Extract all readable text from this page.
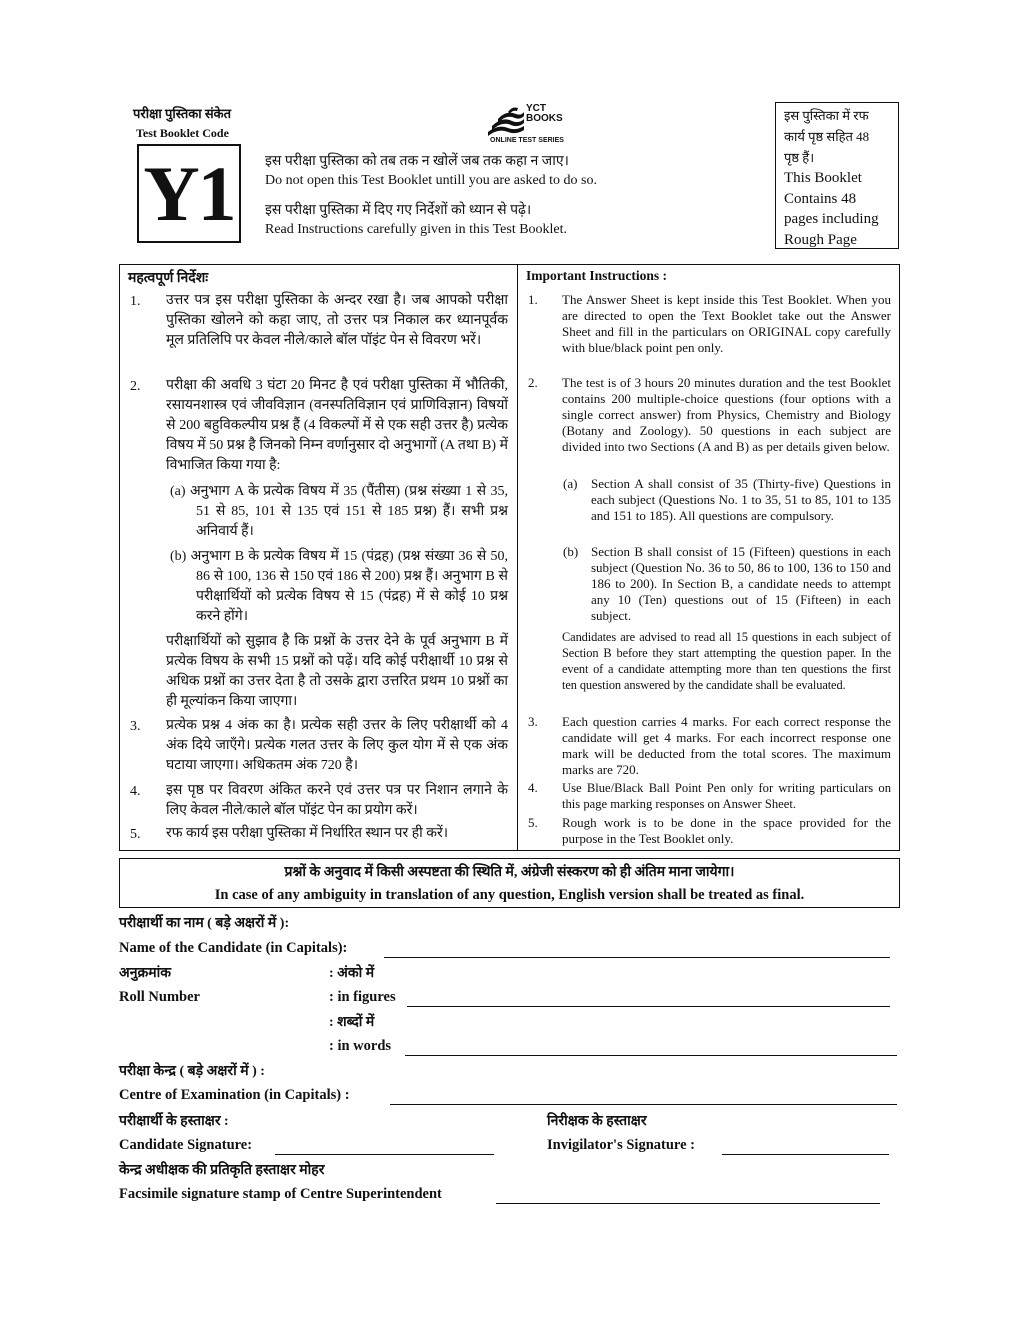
परीक्षा पुस्तिका संकेत
Test Booklet Code
Y1
YCT
BOOKS
ONLINE TEST SERIES
इस परीक्षा पुस्तिका को तब तक न खोलें जब तक कहा न जाए।
Do not open this Test Booklet untill you are asked to do so.
इस परीक्षा पुस्तिका में दिए गए निर्देशों को ध्यान से पढ़े।
Read Instructions carefully given in this Test Booklet.
इस पुस्तिका में रफ
कार्य पृष्ठ सहित 48
पृष्ठ हैं।
This Booklet
Contains 48
pages including
Rough Page
महत्वपूर्ण निर्देशः	Important Instructions :
1. उत्तर पत्र इस परीक्षा पुस्तिका के अन्दर रखा है। जब आपको परीक्षा पुस्तिका खोलने को कहा जाए, तो उत्तर पत्र निकाल कर ध्यानपूर्वक मूल प्रतिलिपि पर केवल नीले/काले बॉल पॉइंट पेन से विवरण भरें।
2. परीक्षा की अवधि 3 घंटा 20 मिनट है एवं परीक्षा पुस्तिका में भौतिकी, रसायनशास्त्र एवं जीवविज्ञान (वनस्पतिविज्ञान एवं प्राणिविज्ञान) विषयों से 200 बहुविकल्पीय प्रश्न हैं (4 विकल्पों में से एक सही उत्तर है) प्रत्येक विषय में 50 प्रश्न है जिनको निम्न वर्णानुसार दो अनुभागों (A तथा B) में विभाजित किया गया है:
(a) अनुभाग A के प्रत्येक विषय में 35 (पैंतीस) (प्रश्न संख्या 1 से 35, 51 से 85, 101 से 135 एवं 151 से 185 प्रश्न) हैं। सभी प्रश्न अनिवार्य हैं।
(b) अनुभाग B के प्रत्येक विषय में 15 (पंद्रह) (प्रश्न संख्या 36 से 50, 86 से 100, 136 से 150 एवं 186 से 200) प्रश्न हैं। अनुभाग B से परीक्षार्थियों को प्रत्येक विषय से 15 (पंद्रह) में से कोई 10 प्रश्न करने होंगे।
परीक्षार्थियों को सुझाव है कि प्रश्नों के उत्तर देने के पूर्व अनुभाग B में प्रत्येक विषय के सभी 15 प्रश्नों को पढ़ें। यदि कोई परीक्षार्थी 10 प्रश्न से अधिक प्रश्नों का उत्तर देता है तो उसके द्वारा उत्तरित प्रथम 10 प्रश्नों का ही मूल्यांकन किया जाएगा।
3. प्रत्येक प्रश्न 4 अंक का है। प्रत्येक सही उत्तर के लिए परीक्षार्थी को 4 अंक दिये जाएँगे। प्रत्येक गलत उत्तर के लिए कुल योग में से एक अंक घटाया जाएगा। अधिकतम अंक 720 है।
4. इस पृष्ठ पर विवरण अंकित करने एवं उत्तर पत्र पर निशान लगाने के लिए केवल नीले/काले बॉल पॉइंट पेन का प्रयोग करें।
5. रफ कार्य इस परीक्षा पुस्तिका में निर्धारित स्थान पर ही करें।
1. The Answer Sheet is kept inside this Test Booklet. When you are directed to open the Text Booklet take out the Answer Sheet and fill in the particulars on ORIGINAL copy carefully with blue/black point pen only.
2. The test is of 3 hours 20 minutes duration and the test Booklet contains 200 multiple-choice questions (four options with a single correct answer) from Physics, Chemistry and Biology (Botany and Zoology). 50 questions in each subject are divided into two Sections (A and B) as per details given below.
(a) Section A shall consist of 35 (Thirty-five) Questions in each subject (Questions No. 1 to 35, 51 to 85, 101 to 135 and 151 to 185). All questions are compulsory.
(b) Section B shall consist of 15 (Fifteen) questions in each subject (Question No. 36 to 50, 86 to 100, 136 to 150 and 186 to 200). In Section B, a candidate needs to attempt any 10 (Ten) questions out of 15 (Fifteen) in each subject.
Candidates are advised to read all 15 questions in each subject of Section B before they start attempting the question paper. In the event of a candidate attempting more than ten questions the first ten question answered by the candidate shall be evaluated.
3. Each question carries 4 marks. For each correct response the candidate will get 4 marks. For each incorrect response one mark will be deducted from the total scores. The maximum marks are 720.
4. Use Blue/Black Ball Point Pen only for writing particulars on this page marking responses on Answer Sheet.
5. Rough work is to be done in the space provided for the purpose in the Test Booklet only.
प्रश्नों के अनुवाद में किसी अस्पष्टता की स्थिति में, अंग्रेजी संस्करण को ही अंतिम माना जायेगा।
In case of any ambiguity in translation of any question, English version shall be treated as final.
परीक्षार्थी का नाम ( बड़े अक्षरों में ):
Name of the Candidate (in Capitals):
अनुक्रमांक	: अंको में
Roll Number	: in figures
: शब्दों में
: in words
परीक्षा केन्द्र ( बड़े अक्षरों में ) :
Centre of Examination (in Capitals) :
परीक्षार्थी के हस्ताक्षर :	निरीक्षक के हस्ताक्षर
Candidate Signature:	Invigilator's Signature :
केन्द्र अधीक्षक की प्रतिकृति हस्ताक्षर मोहर
Facsimile signature stamp of Centre Superintendent
